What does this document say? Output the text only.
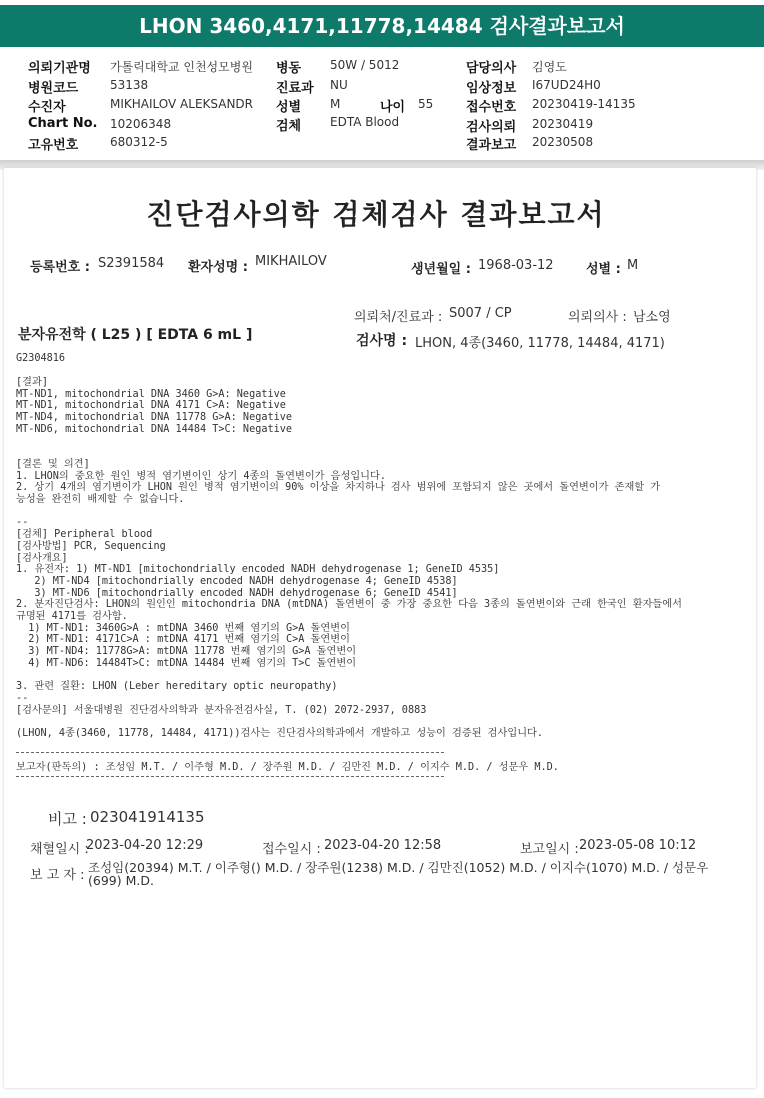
LHON 3460,4171,11778,14484 검사결과보고서
의뢰기관명 가톨릭대학교 인천성모병원
병원코드	53138
수진자	MIKHAILOV ALEKSANDR
Chart No. 10206348
고유번호	680312-5
병동 50W / 5012
진료과 NU
성별 M	나이 55
검체 EDTA Blood
담당의사 김영도
임상정보 I67UD24H0
접수번호 20230419-14135
검사의뢰 20230419
결과보고 20230508
진단검사의학 검체검사 결과보고서
등록번호 : S2391584 환자성명 : MIKHAILOV
생년월일 : 1968-03-12 성별 : M
의뢰처/진료과 : S007 / CP	의뢰의사 : 남소영
분자유전학 ( L25 ) [ EDTA 6 mL ]	검사명 : LHON, 4종(3460, 11778, 14484, 4171)
G2304816
[결과]
MT-ND1, mitochondrial DNA 3460 G>A: Negative
MT-ND1, mitochondrial DNA 4171 C>A: Negative
MT-ND4, mitochondrial DNA 11778 G>A: Negative
MT-ND6, mitochondrial DNA 14484 T>C: Negative
[결론 및 의견]
1. LHON의 중요한 원인 병적 염기변이인 상기 4종의 돌연변이가 음성입니다.
2. 상기 4개의 염기변이가 LHON 원인 병적 염기변이의 90% 이상을 차지하나 검사 범위에 포함되지 않은 곳에서 돌연변이가 존재할 가
능성을 완전히 배제할 수 없습니다.
--
[검체] Peripheral blood
[검사방법] PCR, Sequencing
[검사개요]
1. 유전자: 1) MT-ND1 [mitochondrially encoded NADH dehydrogenase 1; GeneID 4535]
2) MT-ND4 [mitochondrially encoded NADH dehydrogenase 4; GeneID 4538]
3) MT-ND6 [mitochondrially encoded NADH dehydrogenase 6; GeneID 4541]
2. 분자진단검사: LHON의 원인인 mitochondria DNA (mtDNA) 돌연변이 중 가장 중요한 다음 3종의 돌연변이와 근래 한국인 환자들에서
규명된 4171를 검사함.
1) MT-ND1: 3460G>A : mtDNA 3460 번째 염기의 G>A 돌연변이
2) MT-ND1: 4171C>A : mtDNA 4171 번째 염기의 C>A 돌연변이
3) MT-ND4: 11778G>A: mtDNA 11778 번째 염기의 G>A 돌연변이
4) MT-ND6: 14484T>C: mtDNA 14484 번째 염기의 T>C 돌연변이
3. 관련 질환: LHON (Leber hereditary optic neuropathy)
--
[검사문의] 서울대병원 진단검사의학과 분자유전검사실, T. (02) 2072-2937, 0883
(LHON, 4종(3460, 11778, 14484, 4171))검사는 진단검사의학과에서 개발하고 성능이 검증된 검사입니다.
보고자(판독의) : 조성임 M.T. / 이주형 M.D. / 장주원 M.D. / 김만진 M.D. / 이지수 M.D. / 성문우 M.D.
비고 : 023041914135
채혈일시 :
2023-04-20 12:29	접수일시 : 2023-04-20 12:58	보고일시 : 2023-05-08 10:12
보 고 자 :
조성임(20394) M.T. / 이주형() M.D. / 장주원(1238) M.D. / 김만진(1052) M.D. / 이지수(1070) M.D. / 성문우
(699) M.D.
